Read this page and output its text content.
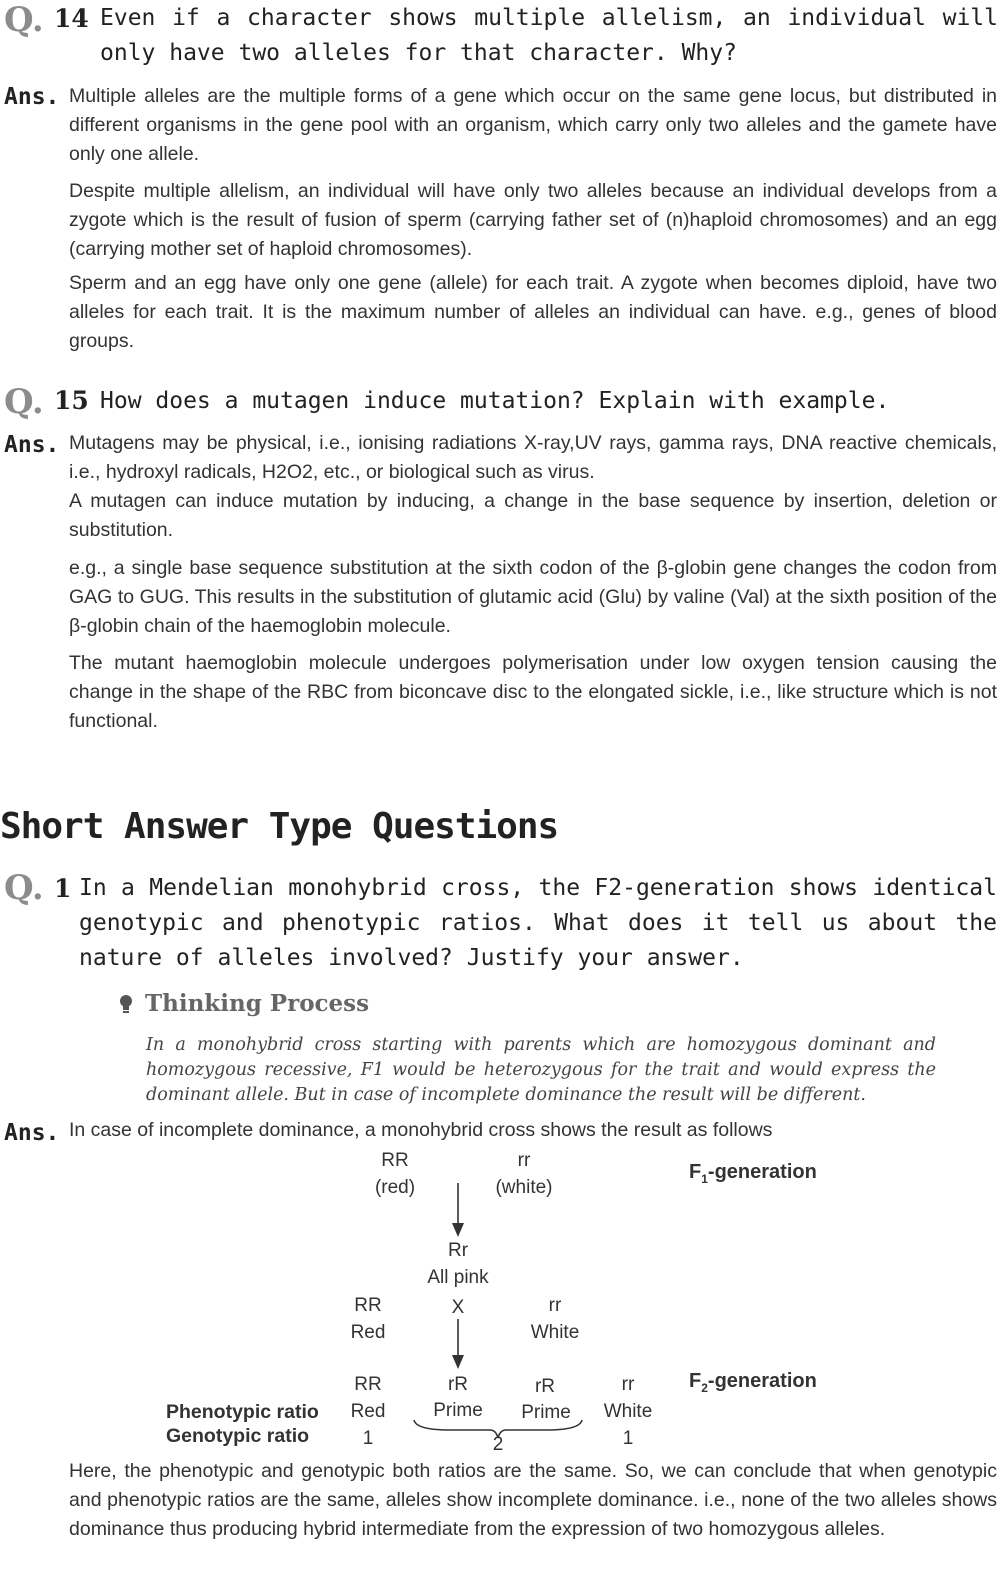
Q. 14 Even if a character shows multiple allelism, an individual will only have two alleles for that character. Why?
Ans. Multiple alleles are the multiple forms of a gene which occur on the same gene locus, but distributed in different organisms in the gene pool with an organism, which carry only two alleles and the gamete have only one allele.
Despite multiple allelism, an individual will have only two alleles because an individual develops from a zygote which is the result of fusion of sperm (carrying father set of (n)haploid chromosomes) and an egg (carrying mother set of haploid chromosomes).
Sperm and an egg have only one gene (allele) for each trait. A zygote when becomes diploid, have two alleles for each trait. It is the maximum number of alleles an individual can have. e.g., genes of blood groups.
Q. 15 How does a mutagen induce mutation? Explain with example.
Ans. Mutagens may be physical, i.e., ionising radiations X-ray,UV rays, gamma rays, DNA reactive chemicals, i.e., hydroxyl radicals, H2O2, etc., or biological such as virus.
A mutagen can induce mutation by inducing, a change in the base sequence by insertion, deletion or substitution.
e.g., a single base sequence substitution at the sixth codon of the β-globin gene changes the codon from GAG to GUG. This results in the substitution of glutamic acid (Glu) by valine (Val) at the sixth position of the β-globin chain of the haemoglobin molecule.
The mutant haemoglobin molecule undergoes polymerisation under low oxygen tension causing the change in the shape of the RBC from biconcave disc to the elongated sickle, i.e., like structure which is not functional.
Short Answer Type Questions
Q. 1 In a Mendelian monohybrid cross, the F2-generation shows identical genotypic and phenotypic ratios. What does it tell us about the nature of alleles involved? Justify your answer.
Thinking Process
In a monohybrid cross starting with parents which are homozygous dominant and homozygous recessive, F1 would be heterozygous for the trait and would express the dominant allele. But in case of incomplete dominance the result will be different.
Ans. In case of incomplete dominance, a monohybrid cross shows the result as follows
RR
(red)
rr
(white)
$F_1$-generation
Rr
All pink
RR
Red
X	rr
White
$F_2$-generation
RR	rR	rR	rr
Phenotypic ratio
Genotypic ratio
Red	Prime	Prime	White
1	2	1
Here, the phenotypic and genotypic both ratios are the same. So, we can conclude that when genotypic and phenotypic ratios are the same, alleles show incomplete dominance. i.e., none of the two alleles shows dominance thus producing hybrid intermediate from the expression of two homozygous alleles.
